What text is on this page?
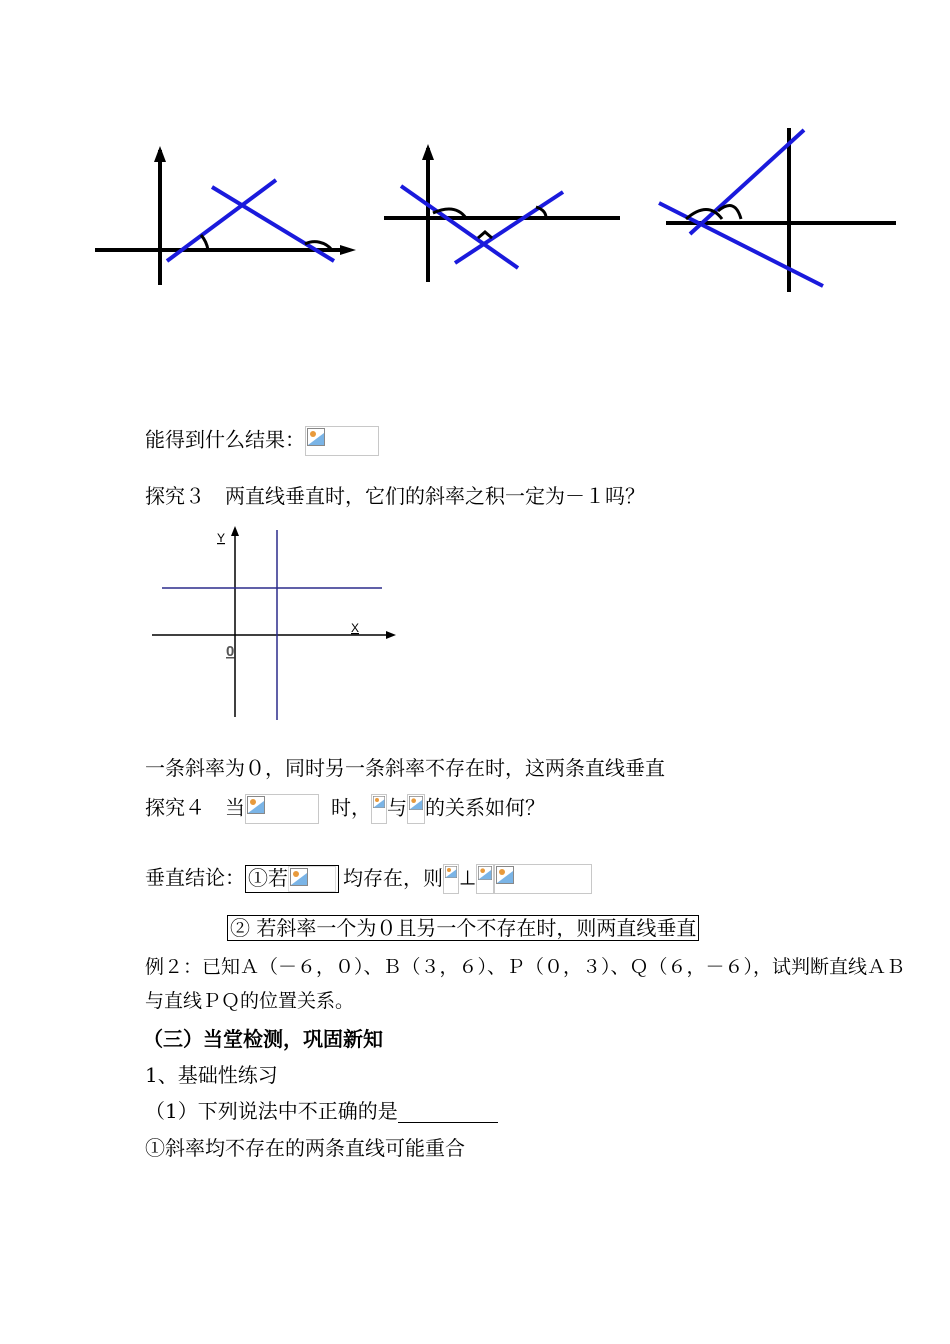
能得到什么结果：
探究３　两直线垂直时，它们的斜率之积一定为－１吗？
Y
X
0
一条斜率为０，同时另一条斜率不存在时，这两条直线垂直
探究４　当	时， 与 的关系如何？
垂直结论： ①若	均存在，则 ⊥
② 若斜率一个为０且另一个不存在时，则两直线垂直
例２：已知Ａ（－６，０）、Ｂ（３，６）、Ｐ（０，３）、Ｑ（６，－６），试判断直线ＡＢ
与直线ＰＱ的位置关系。
（三）当堂检测，巩固新知
1、基础性练习
（1）下列说法中不正确的是
①斜率均不存在的两条直线可能重合
